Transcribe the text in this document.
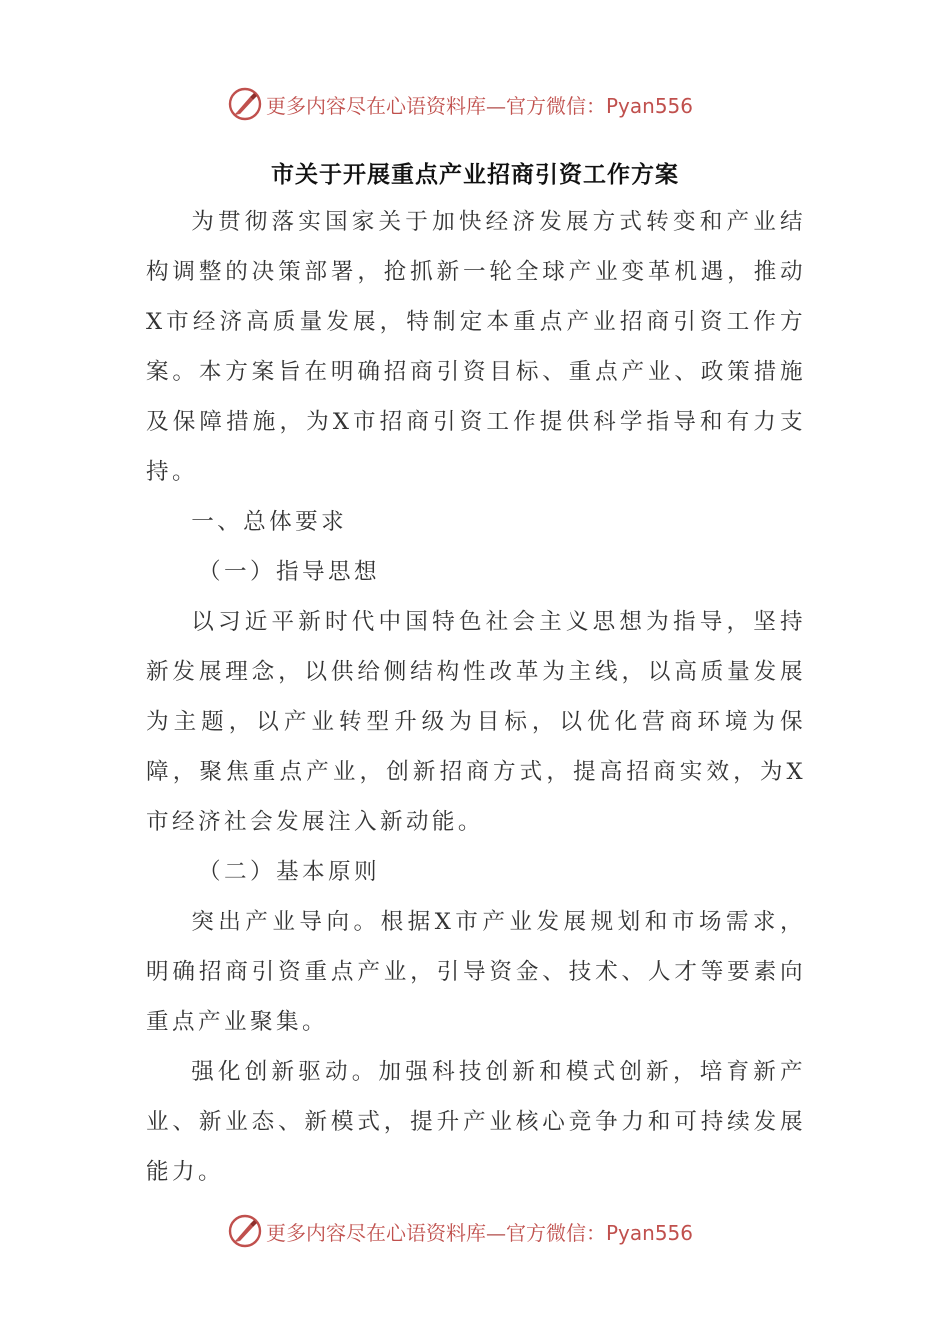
更多内容尽在心语资料库—官方微信：Pyan556
市关于开展重点产业招商引资工作方案

为贯彻落实国家关于加快经济发展方式转变和产业结构调整的决策部署，抢抓新一轮全球产业变革机遇，推动X市经济高质量发展，特制定本重点产业招商引资工作方案。本方案旨在明确招商引资目标、重点产业、政策措施及保障措施，为X市招商引资工作提供科学指导和有力支持。

一、总体要求

（一）指导思想

以习近平新时代中国特色社会主义思想为指导，坚持新发展理念，以供给侧结构性改革为主线，以高质量发展为主题，以产业转型升级为目标，以优化营商环境为保障，聚焦重点产业，创新招商方式，提高招商实效，为X市经济社会发展注入新动能。

（二）基本原则

突出产业导向。根据X市产业发展规划和市场需求，明确招商引资重点产业，引导资金、技术、人才等要素向重点产业聚集。

强化创新驱动。加强科技创新和模式创新，培育新产业、新业态、新模式，提升产业核心竞争力和可持续发展能力。

更多内容尽在心语资料库—官方微信：Pyan556
